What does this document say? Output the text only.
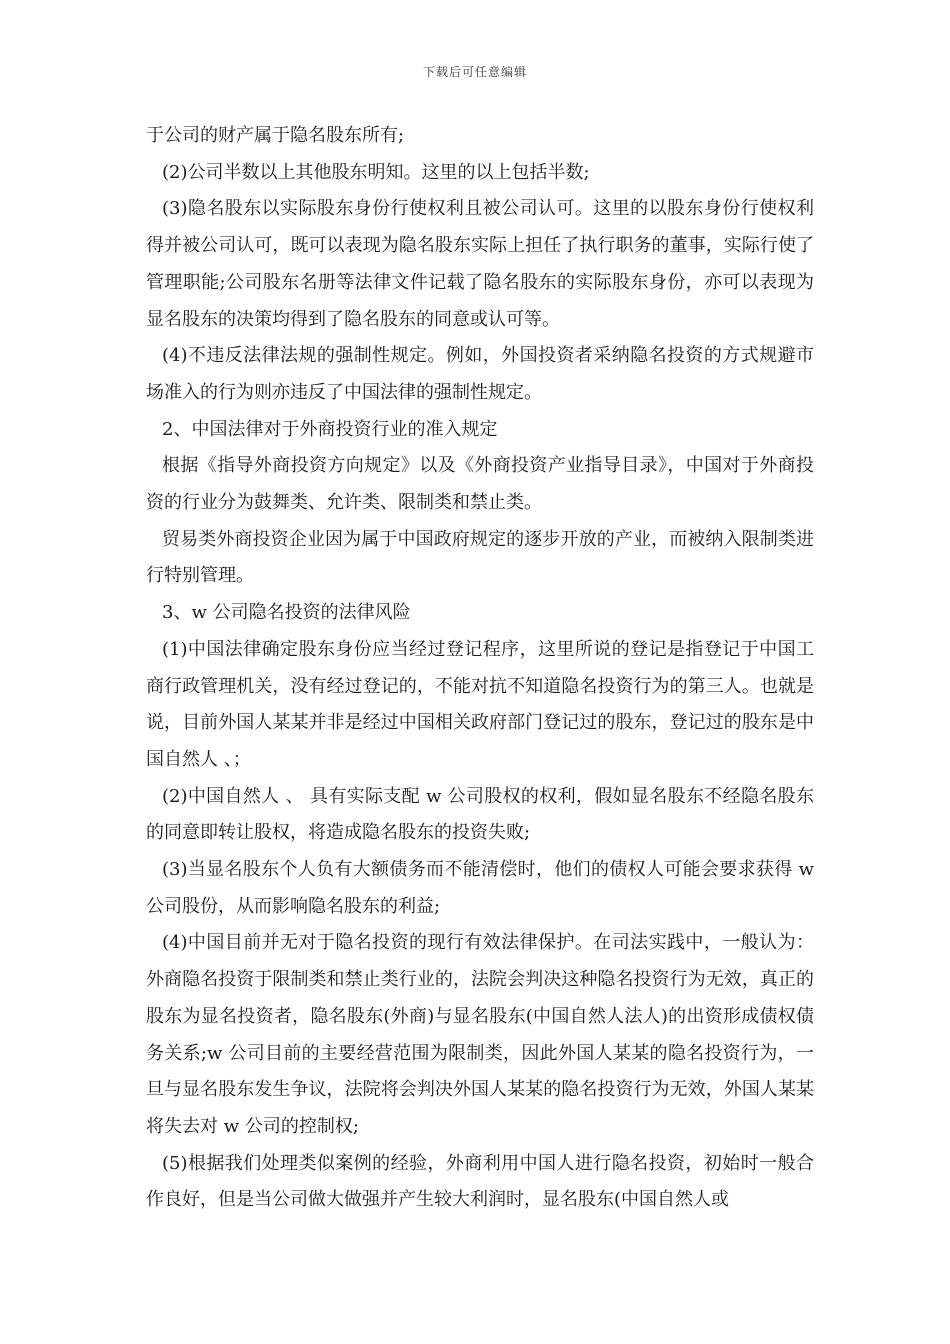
下载后可任意编辑

于公司的财产属于隐名股东所有;

(2)公司半数以上其他股东明知。这里的以上包括半数;

(3)隐名股东以实际股东身份行使权利且被公司认可。这里的以股东身份行使权利得并被公司认可，既可以表现为隐名股东实际上担任了执行职务的董事，实际行使了管理职能;公司股东名册等法律文件记载了隐名股东的实际股东身份，亦可以表现为显名股东的决策均得到了隐名股东的同意或认可等。

(4)不违反法律法规的强制性规定。例如，外国投资者采纳隐名投资的方式规避市场准入的行为则亦违反了中国法律的强制性规定。

2、中国法律对于外商投资行业的准入规定

根据《指导外商投资方向规定》以及《外商投资产业指导目录》，中国对于外商投资的行业分为鼓舞类、允许类、限制类和禁止类。

贸易类外商投资企业因为属于中国政府规定的逐步开放的产业，而被纳入限制类进行特别管理。

3、w 公司隐名投资的法律风险

(1)中国法律确定股东身份应当经过登记程序，这里所说的登记是指登记于中国工商行政管理机关，没有经过登记的，不能对抗不知道隐名投资行为的第三人。也就是说，目前外国人某某并非是经过中国相关政府部门登记过的股东，登记过的股东是中国自然人 、；

(2)中国自然人 、 具有实际支配 w 公司股权的权利，假如显名股东不经隐名股东的同意即转让股权，将造成隐名股东的投资失败;

(3)当显名股东个人负有大额债务而不能清偿时，他们的债权人可能会要求获得 w 公司股份，从而影响隐名股东的利益;

(4)中国目前并无对于隐名投资的现行有效法律保护。在司法实践中，一般认为：外商隐名投资于限制类和禁止类行业的，法院会判决这种隐名投资行为无效，真正的股东为显名投资者，隐名股东(外商)与显名股东(中国自然人法人)的出资形成债权债务关系;w 公司目前的主要经营范围为限制类，因此外国人某某的隐名投资行为，一旦与显名股东发生争议，法院将会判决外国人某某的隐名投资行为无效，外国人某某将失去对 w 公司的控制权;

(5)根据我们处理类似案例的经验，外商利用中国人进行隐名投资，初始时一般合作良好，但是当公司做大做强并产生较大利润时，显名股东(中国自然人或
